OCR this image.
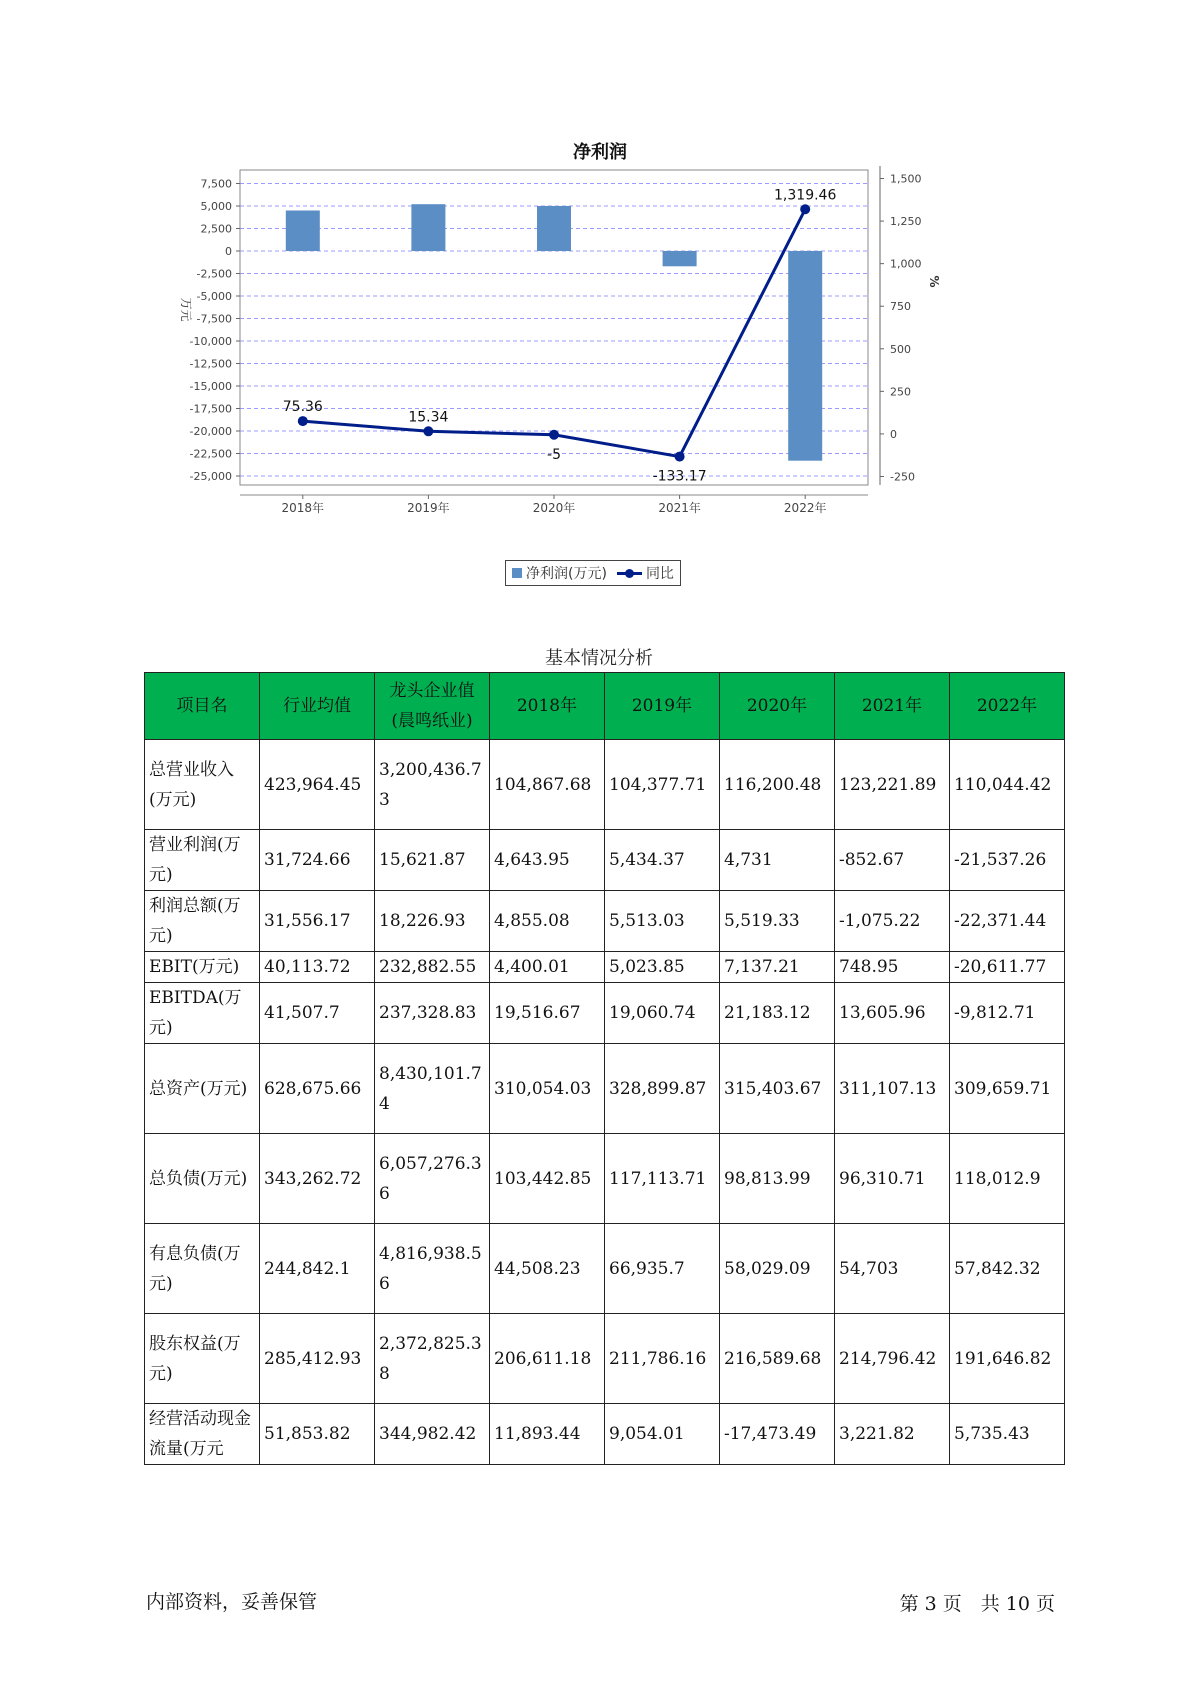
净利润
7,500
5,000
2,500
0
-2,500
-5,000
-7,500
-10,000
-12,500
-15,000
-17,500
-20,000
-22,500
-25,000
1,500
1,250
1,000
750
500
250
0
-250
万元
%
2018年	2019年	2020年	2021年	2022年
75.36
15.34
-5
-133.17
1,319.46
净利润(万元)	同比
基本情况分析
项目名	行业均值	龙头企业值(晨鸣纸业)	2018年	2019年	2020年	2021年	2022年
总营业收入(万元)	423,964.45	3,200,436.73	104,867.68	104,377.71	116,200.48	123,221.89	110,044.42
营业利润(万元)	31,724.66	15,621.87	4,643.95	5,434.37	4,731	-852.67	-21,537.26
利润总额(万元)	31,556.17	18,226.93	4,855.08	5,513.03	5,519.33	-1,075.22	-22,371.44
EBIT(万元)	40,113.72	232,882.55	4,400.01	5,023.85	7,137.21	748.95	-20,611.77
EBITDA(万元)	41,507.7	237,328.83	19,516.67	19,060.74	21,183.12	13,605.96	-9,812.71
总资产(万元)	628,675.66	8,430,101.74	310,054.03	328,899.87	315,403.67	311,107.13	309,659.71
总负债(万元)	343,262.72	6,057,276.36	103,442.85	117,113.71	98,813.99	96,310.71	118,012.9
有息负债(万元)	244,842.1	4,816,938.56	44,508.23	66,935.7	58,029.09	54,703	57,842.32
股东权益(万元)	285,412.93	2,372,825.38	206,611.18	211,786.16	216,589.68	214,796.42	191,646.82
经营活动现金流量(万元	51,853.82	344,982.42	11,893.44	9,054.01	-17,473.49	3,221.82	5,735.43
内部资料，妥善保管	第 3 页　共 10 页
